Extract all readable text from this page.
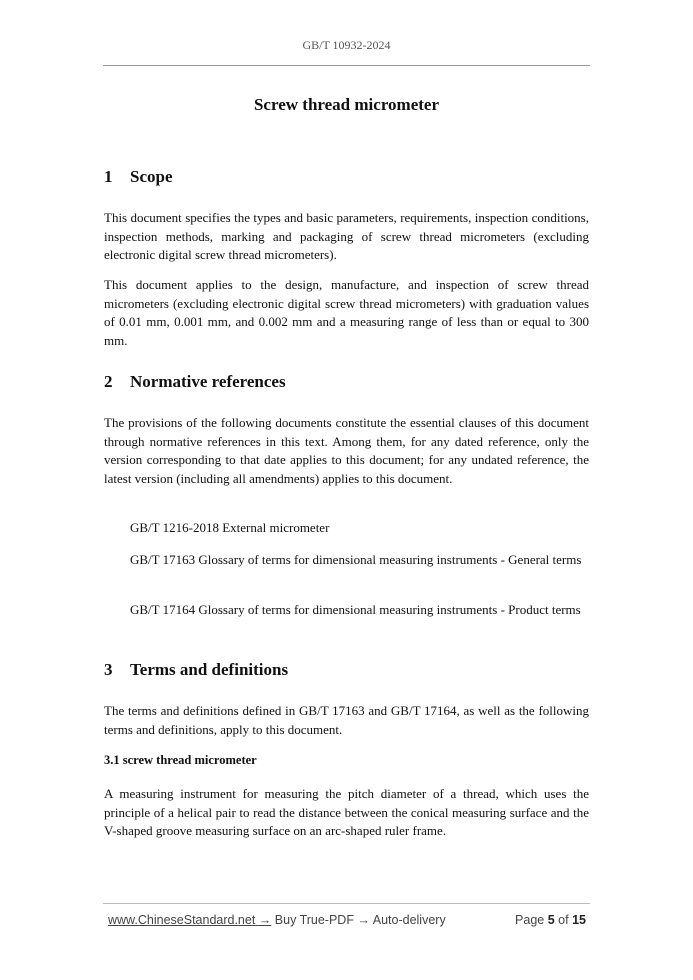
GB/T 10932-2024
Screw thread micrometer
1 Scope

This document specifies the types and basic parameters, requirements, inspection conditions, inspection methods, marking and packaging of screw thread micrometers (excluding electronic digital screw thread micrometers).

This document applies to the design, manufacture, and inspection of screw thread micrometers (excluding electronic digital screw thread micrometers) with graduation values of 0.01 mm, 0.001 mm, and 0.002 mm and a measuring range of less than or equal to 300 mm.

2 Normative references

The provisions of the following documents constitute the essential clauses of this document through normative references in this text. Among them, for any dated reference, only the version corresponding to that date applies to this document; for any undated reference, the latest version (including all amendments) applies to this document.

GB/T 1216-2018 External micrometer

GB/T 17163 Glossary of terms for dimensional measuring instruments - General terms

GB/T 17164 Glossary of terms for dimensional measuring instruments - Product terms

3 Terms and definitions

The terms and definitions defined in GB/T 17163 and GB/T 17164, as well as the following terms and definitions, apply to this document.

3.1 screw thread micrometer

A measuring instrument for measuring the pitch diameter of a thread, which uses the principle of a helical pair to read the distance between the conical measuring surface and the V-shaped groove measuring surface on an arc-shaped ruler frame.

www.ChineseStandard.net → Buy True-PDF → Auto-delivery	Page 5 of 15
